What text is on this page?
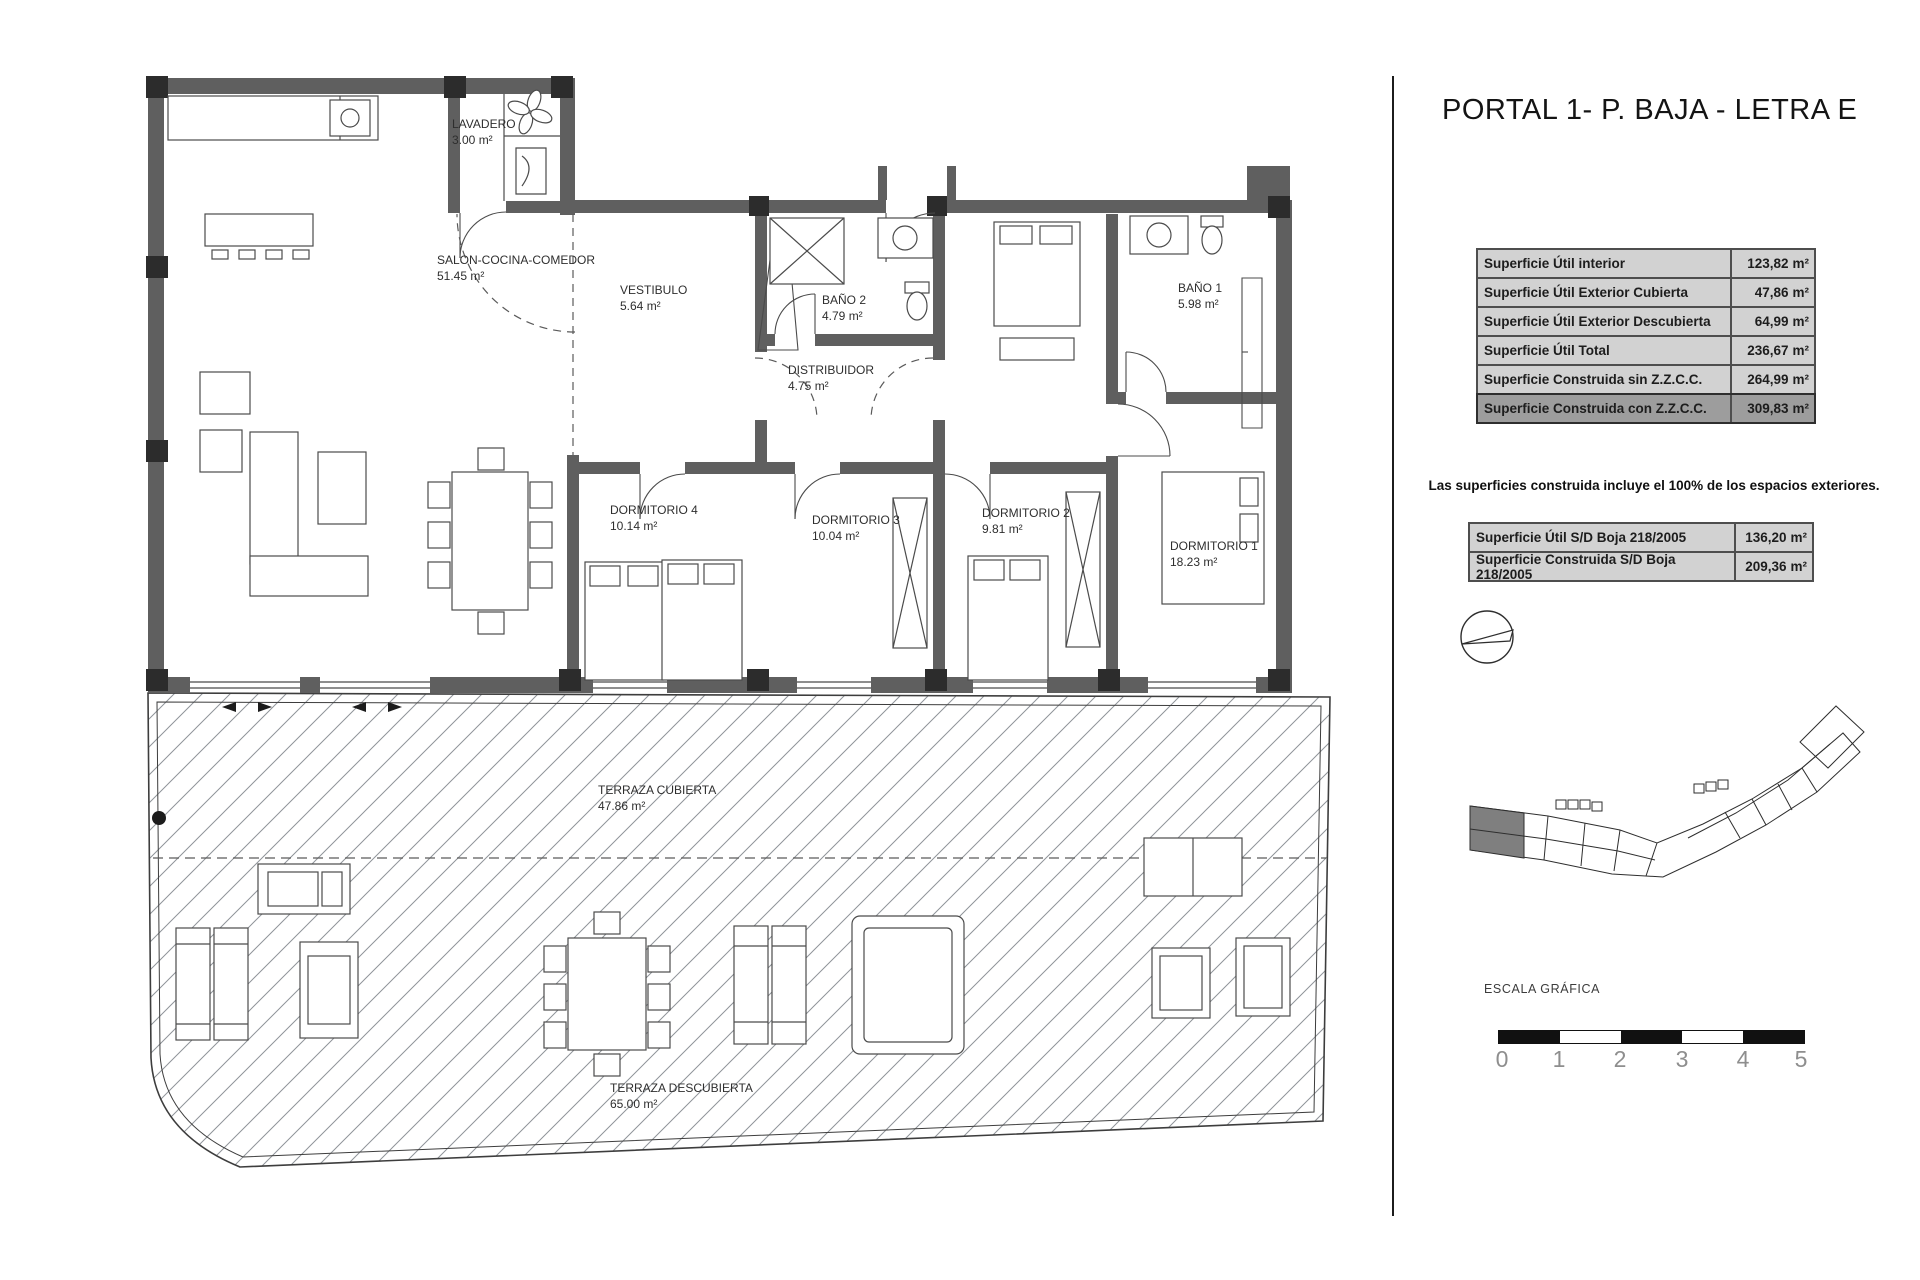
LAVADERO
3.00 m²
SALON-COCINA-COMEDOR
51.45 m²
VESTIBULO
5.64 m²	BAÑO 2
4.79 m²
DISTRIBUIDOR
4.75 m²
BAÑO 1
5.98 m²
DORMITORIO 4
10.14 m²	DORMITORIO 3
10.04 m²
DORMITORIO 2
9.81 m²
DORMITORIO 1
18.23 m²
TERRAZA CUBIERTA
47.86 m²
TERRAZA DESCUBIERTA
65.00 m²
PORTAL 1- P. BAJA - LETRA E
Superficie Útil interior	123,82 m²
Superficie Útil Exterior Cubierta	47,86 m²
Superficie Útil Exterior Descubierta	64,99 m²
Superficie Útil Total	236,67 m²
Superficie Construida sin Z.Z.C.C.	264,99 m²
Superficie Construida con Z.Z.C.C.	309,83 m²
Las superficies construida incluye el 100% de los espacios exteriores.
Superficie Útil S/D Boja 218/2005	136,20 m²
Superficie Construida S/D Boja 218/2005	209,36 m²
ESCALA GRÁFICA
0 1 2 3 4 5
